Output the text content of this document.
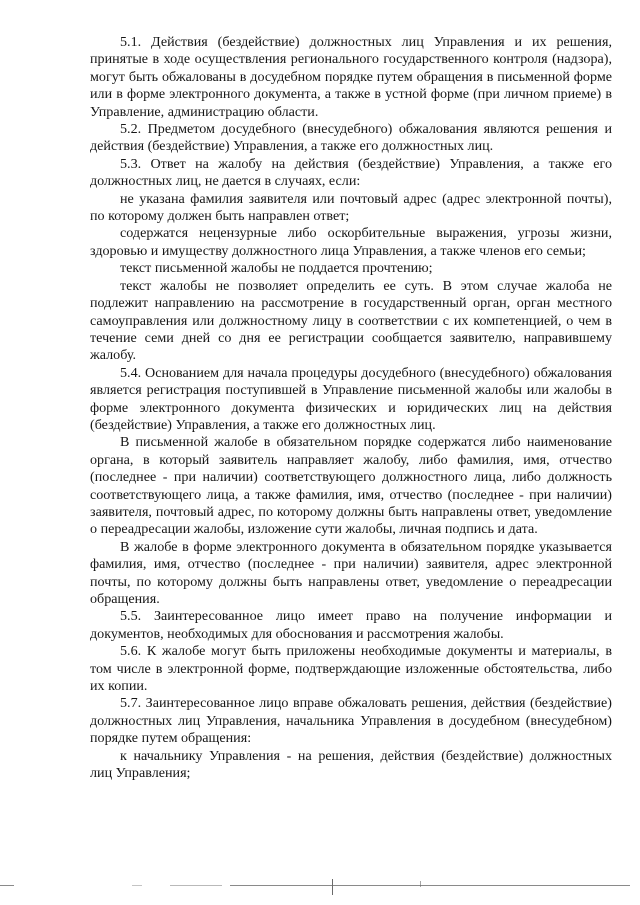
5.1. Действия (бездействие) должностных лиц Управления и их решения, принятые в ходе осуществления регионального государственного контроля (надзора), могут быть обжалованы в досудебном порядке путем обращения в письменной форме или в форме электронного документа, а также в устной форме (при личном приеме) в Управление, администрацию области.

5.2. Предметом досудебного (внесудебного) обжалования являются решения и действия (бездействие) Управления, а также его должностных лиц.

5.3. Ответ на жалобу на действия (бездействие) Управления, а также его должностных лиц, не дается в случаях, если:

не указана фамилия заявителя или почтовый адрес (адрес электронной почты), по которому должен быть направлен ответ;

содержатся нецензурные либо оскорбительные выражения, угрозы жизни, здоровью и имуществу должностного лица Управления, а также членов его семьи;

текст письменной жалобы не поддается прочтению;

текст жалобы не позволяет определить ее суть. В этом случае жалоба не подлежит направлению на рассмотрение в государственный орган, орган местного самоуправления или должностному лицу в соответствии с их компетенцией, о чем в течение семи дней со дня ее регистрации сообщается заявителю, направившему жалобу.

5.4. Основанием для начала процедуры досудебного (внесудебного) обжалования является регистрация поступившей в Управление письменной жалобы или жалобы в форме электронного документа физических и юридических лиц на действия (бездействие) Управления, а также его должностных лиц.

В письменной жалобе в обязательном порядке содержатся либо наименование органа, в который заявитель направляет жалобу, либо фамилия, имя, отчество (последнее - при наличии) соответствующего должностного лица, либо должность соответствующего лица, а также фамилия, имя, отчество (последнее - при наличии) заявителя, почтовый адрес, по которому должны быть направлены ответ, уведомление о переадресации жалобы, изложение сути жалобы, личная подпись и дата.

В жалобе в форме электронного документа в обязательном порядке указывается фамилия, имя, отчество (последнее - при наличии) заявителя, адрес электронной почты, по которому должны быть направлены ответ, уведомление о переадресации обращения.

5.5. Заинтересованное лицо имеет право на получение информации и документов, необходимых для обоснования и рассмотрения жалобы.

5.6. К жалобе могут быть приложены необходимые документы и материалы, в том числе в электронной форме, подтверждающие изложенные обстоятельства, либо их копии.

5.7. Заинтересованное лицо вправе обжаловать решения, действия (бездействие) должностных лиц Управления, начальника Управления в досудебном (внесудебном) порядке путем обращения:

к начальнику Управления - на решения, действия (бездействие) должностных лиц Управления;
